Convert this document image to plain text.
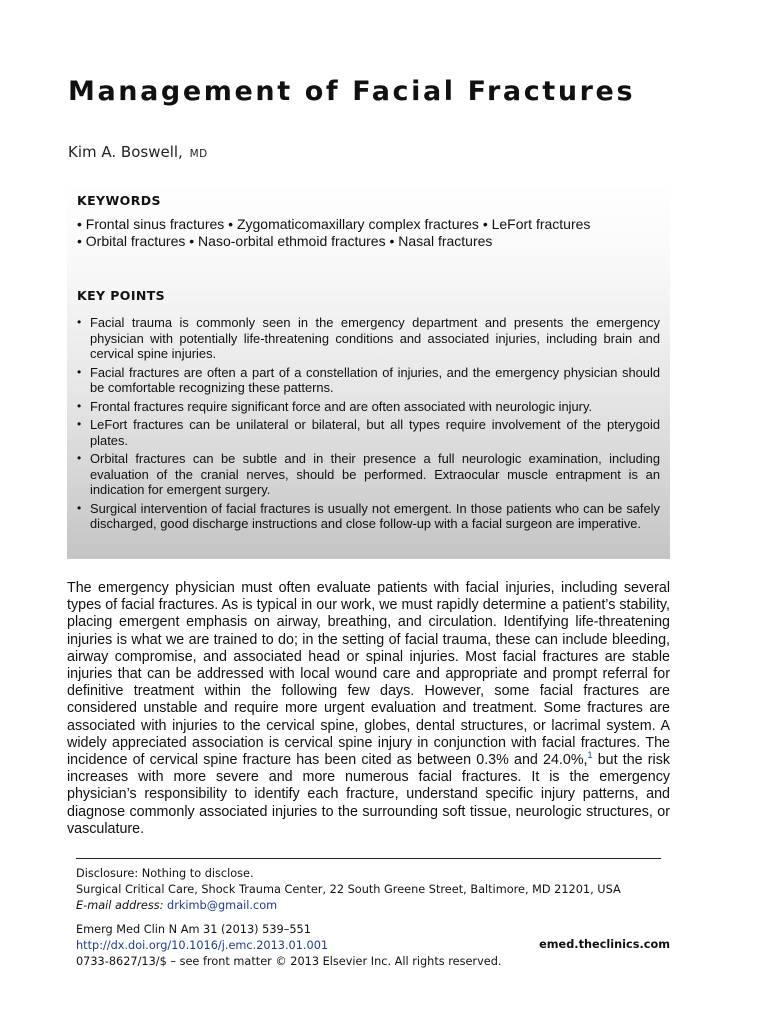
Management of Facial Fractures
Kim A. Boswell, MD
KEYWORDS
• Frontal sinus fractures • Zygomaticomaxillary complex fractures • LeFort fractures
• Orbital fractures • Naso-orbital ethmoid fractures • Nasal fractures
KEY POINTS
• Facial trauma is commonly seen in the emergency department and presents the emergency physician with potentially life-threatening conditions and associated injuries, including brain and cervical spine injuries.
• Facial fractures are often a part of a constellation of injuries, and the emergency physician should be comfortable recognizing these patterns.
• Frontal fractures require significant force and are often associated with neurologic injury.
• LeFort fractures can be unilateral or bilateral, but all types require involvement of the pterygoid plates.
• Orbital fractures can be subtle and in their presence a full neurologic examination, including evaluation of the cranial nerves, should be performed. Extraocular muscle entrapment is an indication for emergent surgery.
• Surgical intervention of facial fractures is usually not emergent. In those patients who can be safely discharged, good discharge instructions and close follow-up with a facial surgeon are imperative.

The emergency physician must often evaluate patients with facial injuries, including several types of facial fractures. As is typical in our work, we must rapidly determine a patient’s stability, placing emergent emphasis on airway, breathing, and circulation. Identifying life-threatening injuries is what we are trained to do; in the setting of facial trauma, these can include bleeding, airway compromise, and associated head or spinal injuries. Most facial fractures are stable injuries that can be addressed with local wound care and appropriate and prompt referral for definitive treatment within the following few days. However, some facial fractures are considered unstable and require more urgent evaluation and treatment. Some fractures are associated with injuries to the cervical spine, globes, dental structures, or lacrimal system. A widely appreciated association is cervical spine injury in conjunction with facial fractures. The incidence of cervical spine fracture has been cited as between 0.3% and 24.0%,$^1$ but the risk increases with more severe and more numerous facial fractures. It is the emergency physician’s responsibility to identify each fracture, understand specific injury patterns, and diagnose commonly associated injuries to the surrounding soft tissue, neurologic structures, or vasculature.

Disclosure: Nothing to disclose.
Surgical Critical Care, Shock Trauma Center, 22 South Greene Street, Baltimore, MD 21201, USA
E-mail address: drkimb@gmail.com
Emerg Med Clin N Am 31 (2013) 539–551
http://dx.doi.org/10.1016/j.emc.2013.01.001	emed.theclinics.com
0733-8627/13/$ – see front matter © 2013 Elsevier Inc. All rights reserved.
